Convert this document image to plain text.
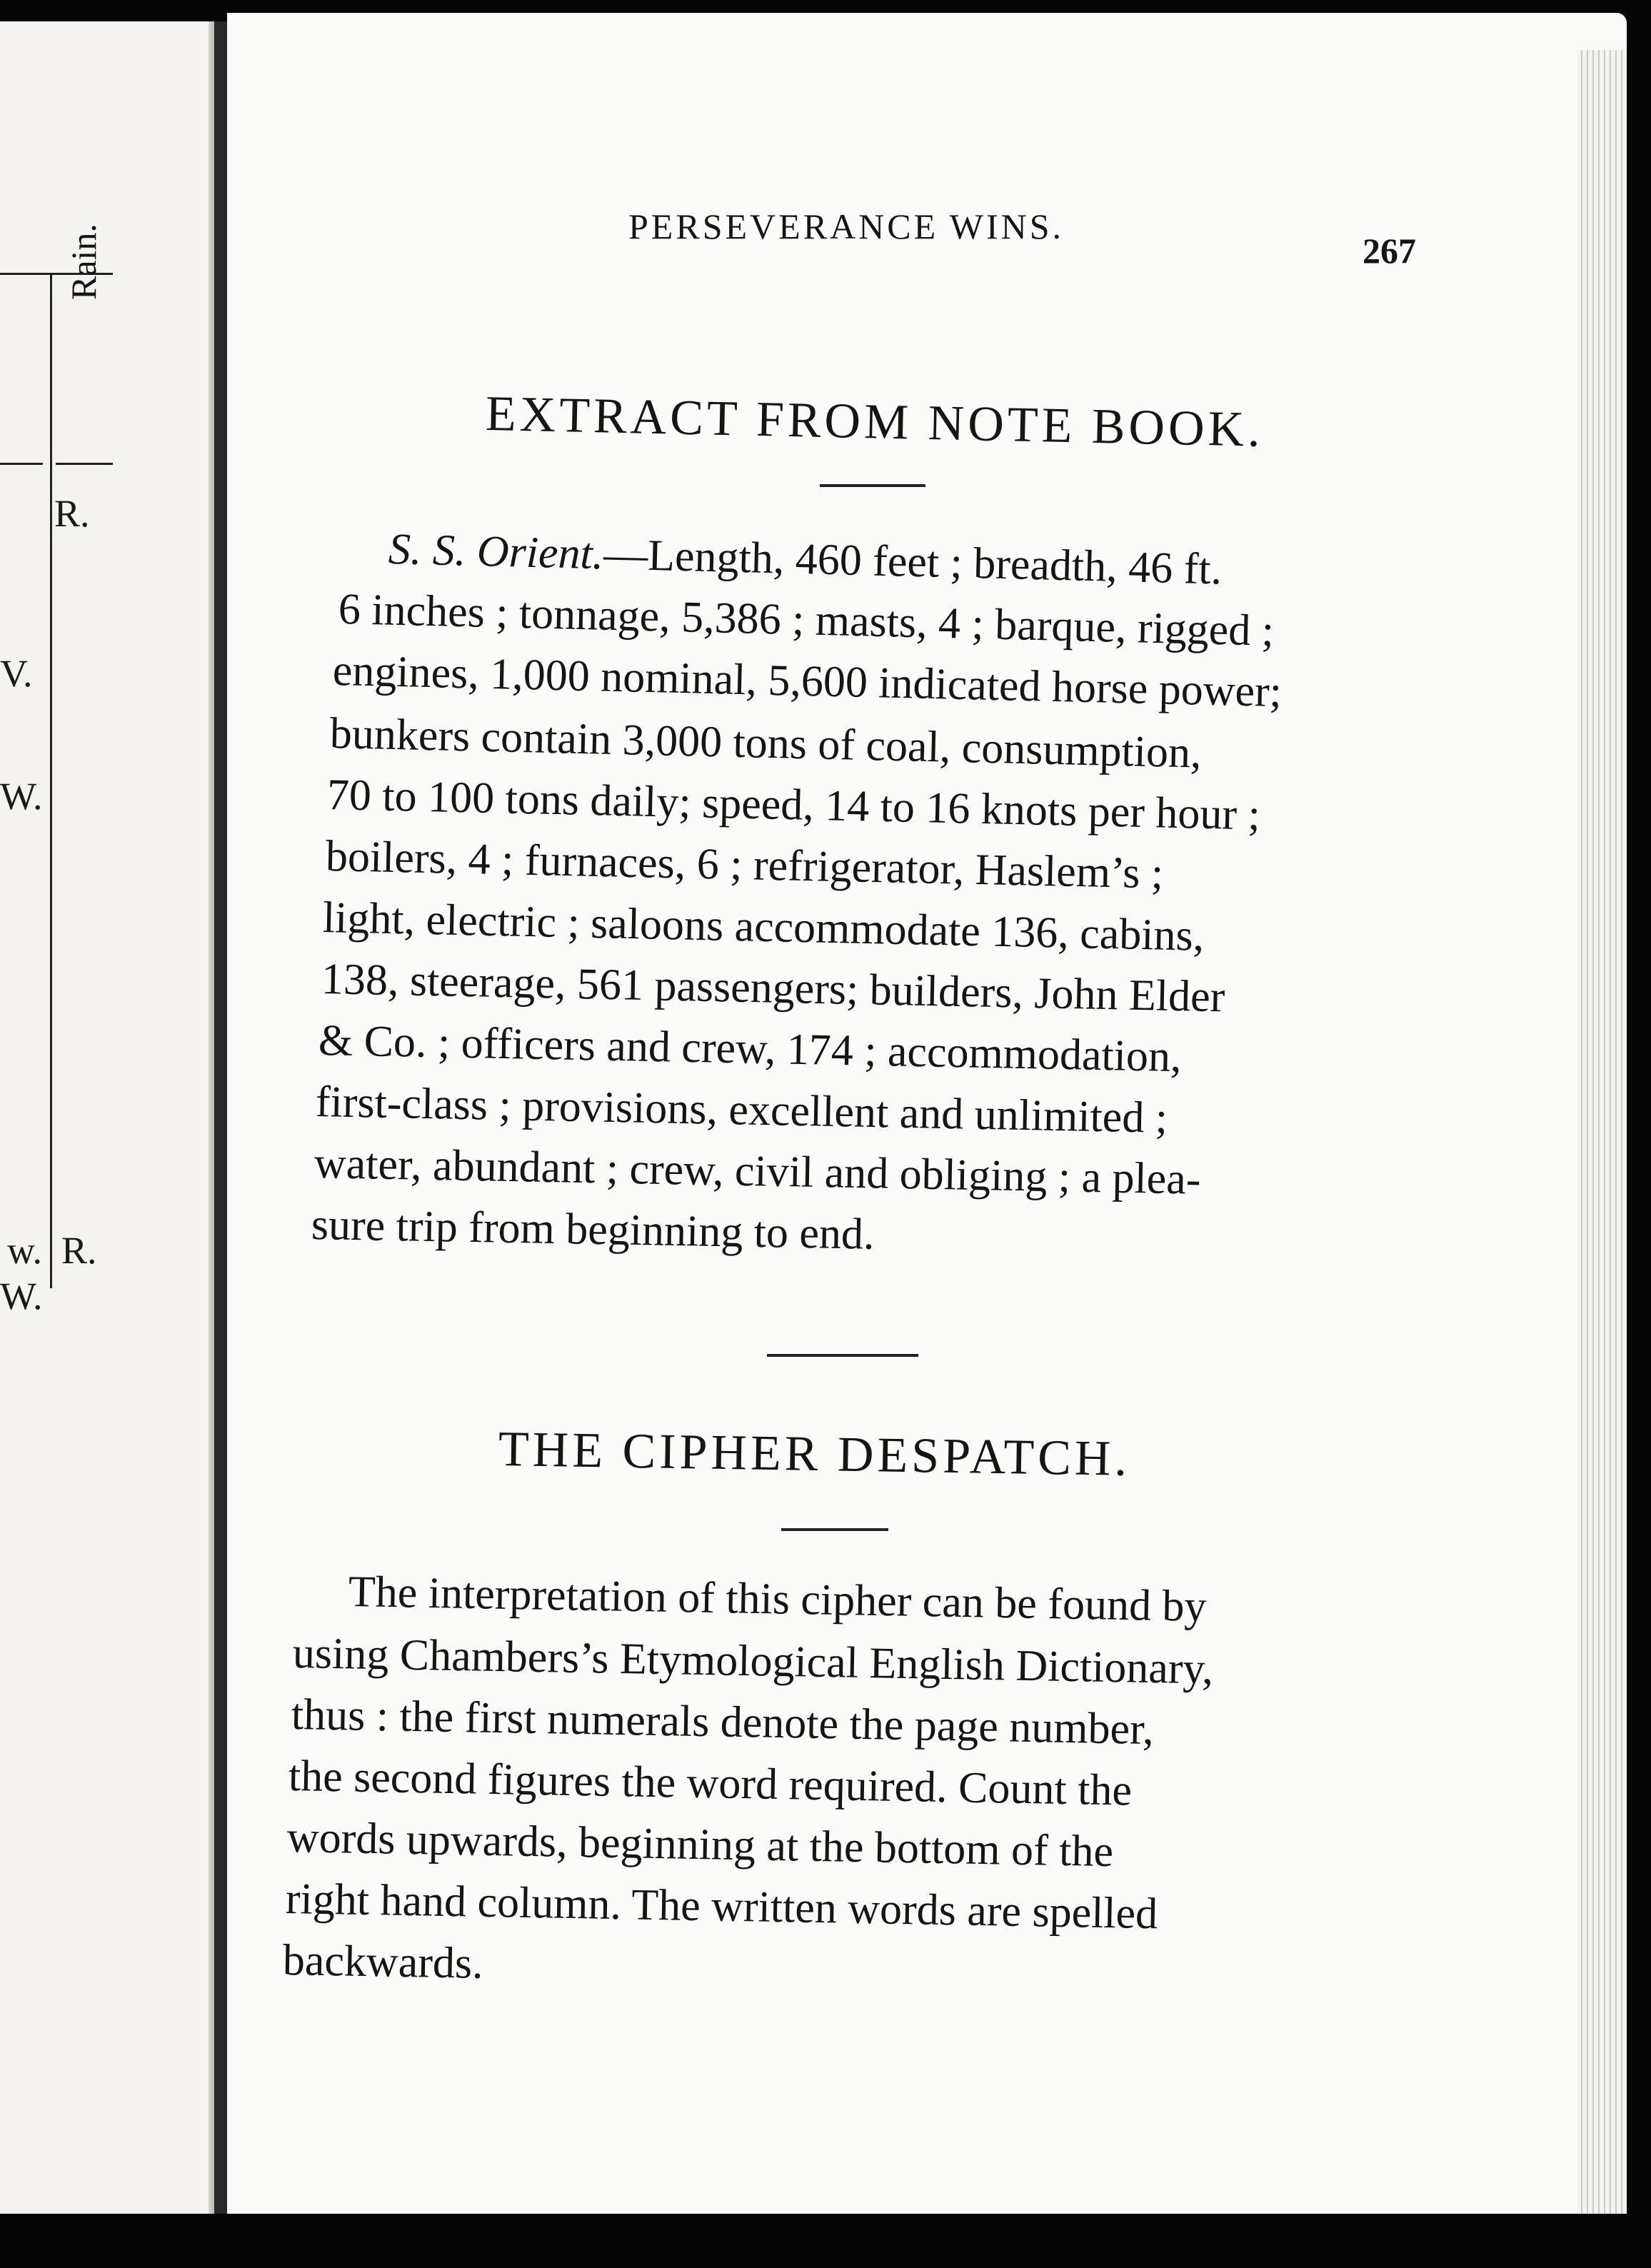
Rain.
R.
V.
W.
w. R.
W.
PERSEVERANCE WINS.
267
EXTRACT FROM NOTE BOOK.
S. S. Orient.—Length, 460 feet ; breadth, 46 ft.
6 inches ; tonnage, 5,386 ; masts, 4 ; barque, rigged ;
engines, 1,000 nominal, 5,600 indicated horse power;
bunkers contain 3,000 tons of coal, consumption,
70 to 100 tons daily; speed, 14 to 16 knots per hour ;
boilers, 4 ; furnaces, 6 ; refrigerator, Haslem’s ;
light, electric ; saloons accommodate 136, cabins,
138, steerage, 561 passengers; builders, John Elder
& Co. ; officers and crew, 174 ; accommodation,
first-class ; provisions, excellent and unlimited ;
water, abundant ; crew, civil and obliging ; a plea-
sure trip from beginning to end.
THE CIPHER DESPATCH.
The interpretation of this cipher can be found by
using Chambers’s Etymological English Dictionary,
thus : the first numerals denote the page number,
the second figures the word required. Count the
words upwards, beginning at the bottom of the
right hand column. The written words are spelled
backwards.
